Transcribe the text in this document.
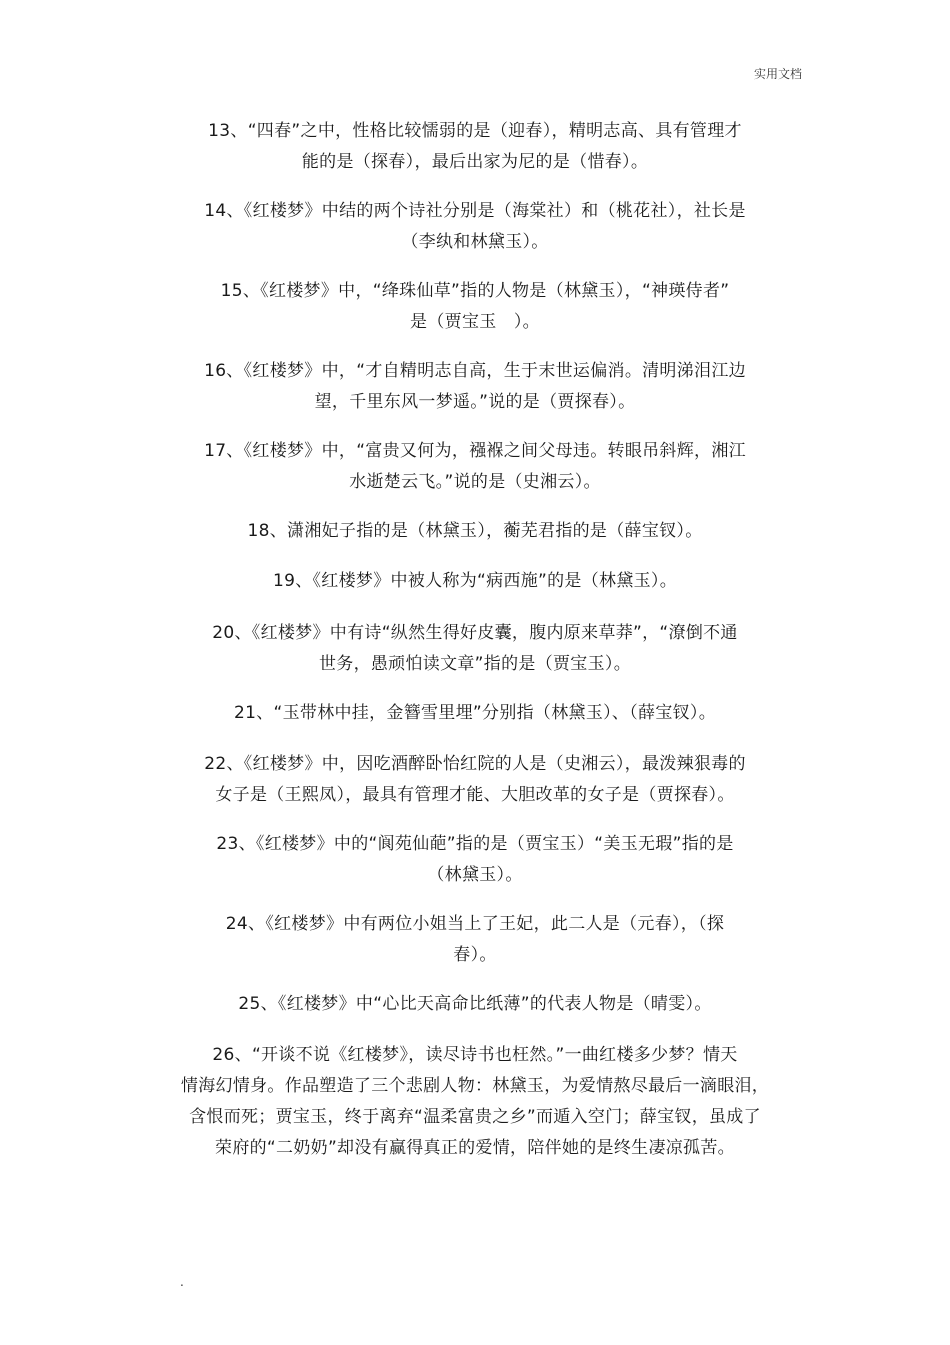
实用文档
13、“四春”之中，性格比较懦弱的是（迎春），精明志高、具有管理才
能的是（探春），最后出家为尼的是（惜春）。
14、《红楼梦》中结的两个诗社分别是（海棠社）和（桃花社），社长是
（李纨和林黛玉）。
15、《红楼梦》中，“绛珠仙草”指的人物是（林黛玉），“神瑛侍者”
是（贾宝玉　）。
16、《红楼梦》中，“才自精明志自高，生于末世运偏消。清明涕泪江边
望，千里东风一梦遥。”说的是（贾探春）。
17、《红楼梦》中，“富贵又何为，襁褓之间父母违。转眼吊斜辉，湘江
水逝楚云飞。”说的是（史湘云）。
18、潇湘妃子指的是（林黛玉），蘅芜君指的是（薛宝钗）。
19、《红楼梦》中被人称为“病西施”的是（林黛玉）。
20、《红楼梦》中有诗“纵然生得好皮囊，腹内原来草莽”，“潦倒不通
世务，愚顽怕读文章”指的是（贾宝玉）。
21、“玉带林中挂，金簪雪里埋”分别指（林黛玉）、（薛宝钗）。
22、《红楼梦》中，因吃酒醉卧怡红院的人是（史湘云），最泼辣狠毒的
女子是（王熙凤），最具有管理才能、大胆改革的女子是（贾探春）。
23、《红楼梦》中的“阆苑仙葩”指的是（贾宝玉）“美玉无瑕”指的是
（林黛玉）。
24、《红楼梦》中有两位小姐当上了王妃，此二人是（元春），（探
春）。
25、《红楼梦》中“心比天高命比纸薄”的代表人物是（晴雯）。
26、“开谈不说《红楼梦》，读尽诗书也枉然。”一曲红楼多少梦？情天
情海幻情身。作品塑造了三个悲剧人物：林黛玉，为爱情熬尽最后一滴眼泪，
含恨而死；贾宝玉，终于离弃“温柔富贵之乡”而遁入空门；薛宝钗，虽成了
荣府的“二奶奶”却没有赢得真正的爱情，陪伴她的是终生凄凉孤苦。
.
